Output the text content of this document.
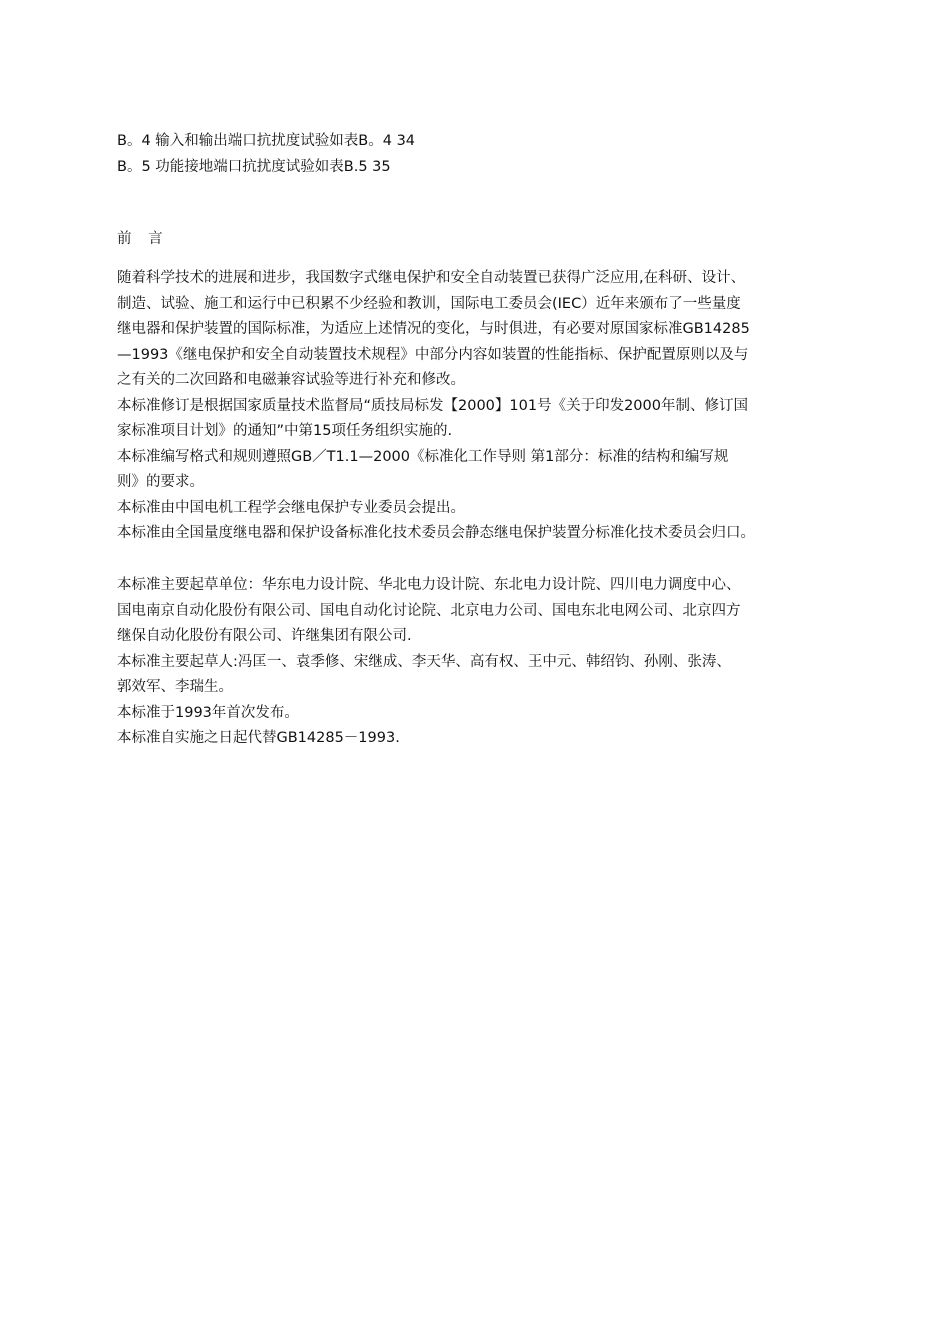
B。4 输入和输出端口抗扰度试验如表B。4 34
B。5 功能接地端口抗扰度试验如表B.5 35
前 言
随着科学技术的进展和进步，我国数字式继电保护和安全自动装置已获得广泛应用,在科研、设计、
制造、试验、施工和运行中已积累不少经验和教训，国际电工委员会(IEC）近年来颁布了一些量度
继电器和保护装置的国际标准，为适应上述情况的变化，与时俱进，有必要对原国家标准GB14285
—1993《继电保护和安全自动装置技术规程》中部分内容如装置的性能指标、保护配置原则以及与
之有关的二次回路和电磁兼容试验等进行补充和修改。
本标准修订是根据国家质量技术监督局“质技局标发【2000】101号《关于印发2000年制、修订国
家标准项目计划》的通知”中第15项任务组织实施的.
本标准编写格式和规则遵照GB／T1.1—2000《标准化工作导则 第1部分：标准的结构和编写规
则》的要求。
本标准由中国电机工程学会继电保护专业委员会提出。
本标准由全国量度继电器和保护设备标准化技术委员会静态继电保护装置分标准化技术委员会归口。
本标准主要起草单位：华东电力设计院、华北电力设计院、东北电力设计院、四川电力调度中心、
国电南京自动化股份有限公司、国电自动化讨论院、北京电力公司、国电东北电网公司、北京四方
继保自动化股份有限公司、许继集团有限公司.
本标准主要起草人:冯匡一、袁季修、宋继成、李天华、高有权、王中元、韩绍钧、孙刚、张涛、
郭效军、李瑞生。
本标准于1993年首次发布。
本标准自实施之日起代替GB14285－1993.
